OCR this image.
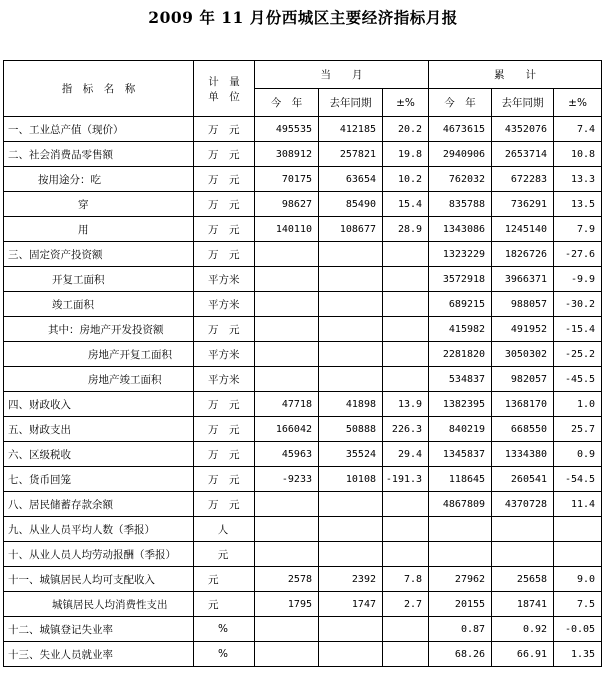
2009 年 11 月份西城区主要经济指标月报
指　标　名　称	计　量
单　位	当　　月			累　　计		
		今　年	去年同期	±%	今　年	去年同期	±%
一、工业总产值（现价）	万　元	495535	412185	20.2	4673615	4352076	7.4
二、社会消费品零售额	万　元	308912	257821	19.8	2940906	2653714	10.8
按用途分：吃	万　元	70175	63654	10.2	762032	672283	13.3
穿	万　元	98627	85490	15.4	835788	736291	13.5
用	万　元	140110	108677	28.9	1343086	1245140	7.9
三、固定资产投资额	万　元				1323229	1826726	-27.6
开复工面积	平方米				3572918	3966371	-9.9
竣工面积	平方米				689215	988057	-30.2
其中：房地产开发投资额	万　元				415982	491952	-15.4
房地产开复工面积	平方米				2281820	3050302	-25.2
房地产竣工面积	平方米				534837	982057	-45.5
四、财政收入	万　元	47718	41898	13.9	1382395	1368170	1.0
五、财政支出	万　元	166042	50888	226.3	840219	668550	25.7
六、区级税收	万　元	45963	35524	29.4	1345837	1334380	0.9
七、货币回笼	万　元	-9233	10108	-191.3	118645	260541	-54.5
八、居民储蓄存款余额	万　元				4867809	4370728	11.4
九、从业人员平均人数（季报）	人						
十、从业人员人均劳动报酬（季报）	元						
十一、城镇居民人均可支配收入	元	2578	2392	7.8	27962	25658	9.0
城镇居民人均消费性支出	元	1795	1747	2.7	20155	18741	7.5
十二、城镇登记失业率	%				0.87	0.92	-0.05
十三、失业人员就业率	%				68.26	66.91	1.35
